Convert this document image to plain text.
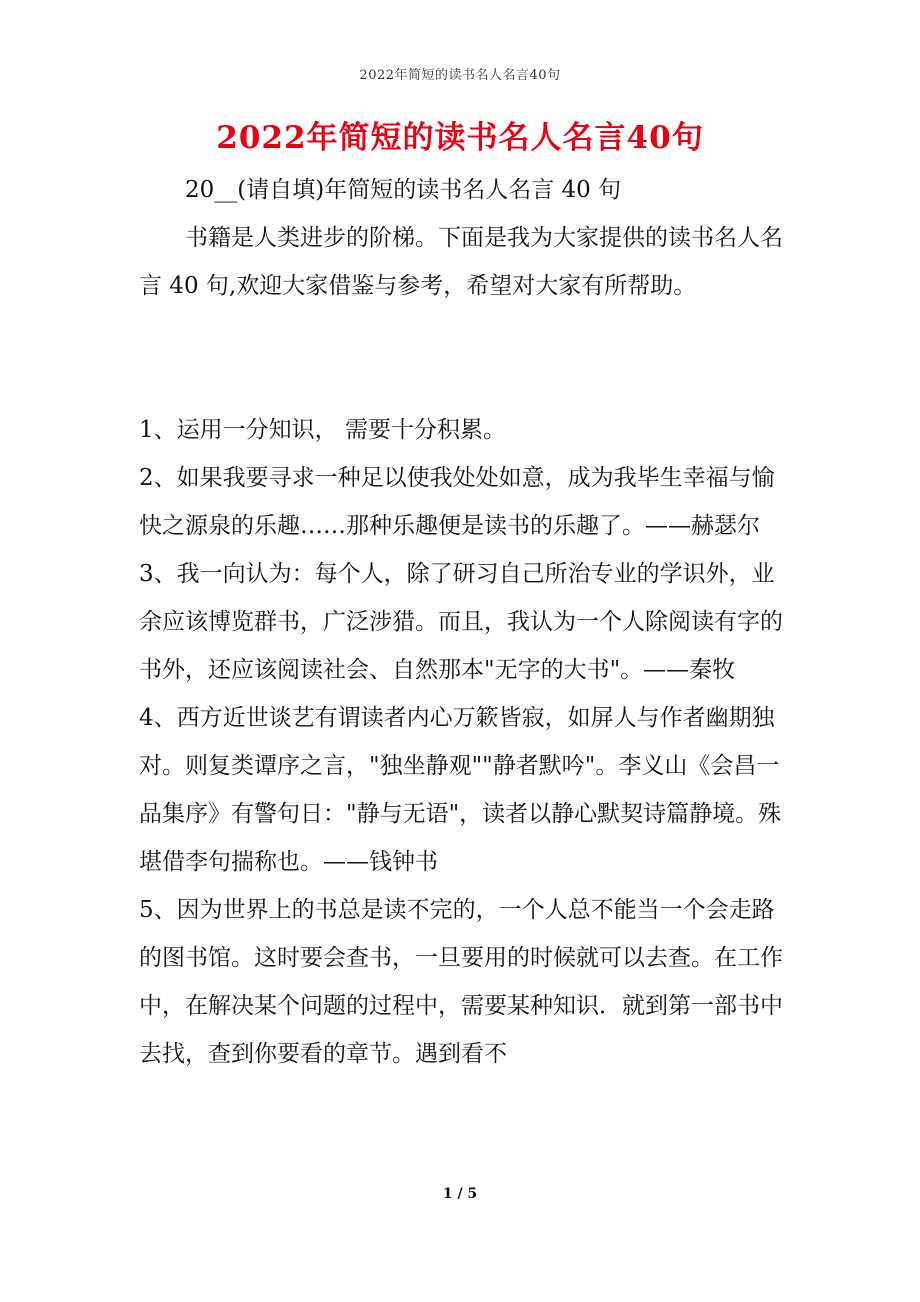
2022年简短的读书名人名言40句
2022年简短的读书名人名言40句

20__(请自填)年简短的读书名人名言 40 句

书籍是人类进步的阶梯。下面是我为大家提供的读书名人名言 40 句,欢迎大家借鉴与参考，希望对大家有所帮助。

1、运用一分知识， 需要十分积累。

2、如果我要寻求一种足以使我处处如意，成为我毕生幸福与愉快之源泉的乐趣……那种乐趣便是读书的乐趣了。——赫瑟尔

3、我一向认为：每个人，除了研习自己所治专业的学识外，业余应该博览群书，广泛涉猎。而且，我认为一个人除阅读有字的书外，还应该阅读社会、自然那本"无字的大书"。——秦牧

4、西方近世谈艺有谓读者内心万簌皆寂，如屏人与作者幽期独对。则复类谭序之言，"独坐静观""静者默吟"。李义山《会昌一品集序》有警句日："静与无语"，读者以静心默契诗篇静境。殊堪借李句揣称也。——钱钟书

5、因为世界上的书总是读不完的，一个人总不能当一个会走路的图书馆。这时要会查书，一旦要用的时候就可以去查。在工作中，在解决某个问题的过程中，需要某种知识．就到第一部书中去找，查到你要看的章节。遇到看不

1 / 5
